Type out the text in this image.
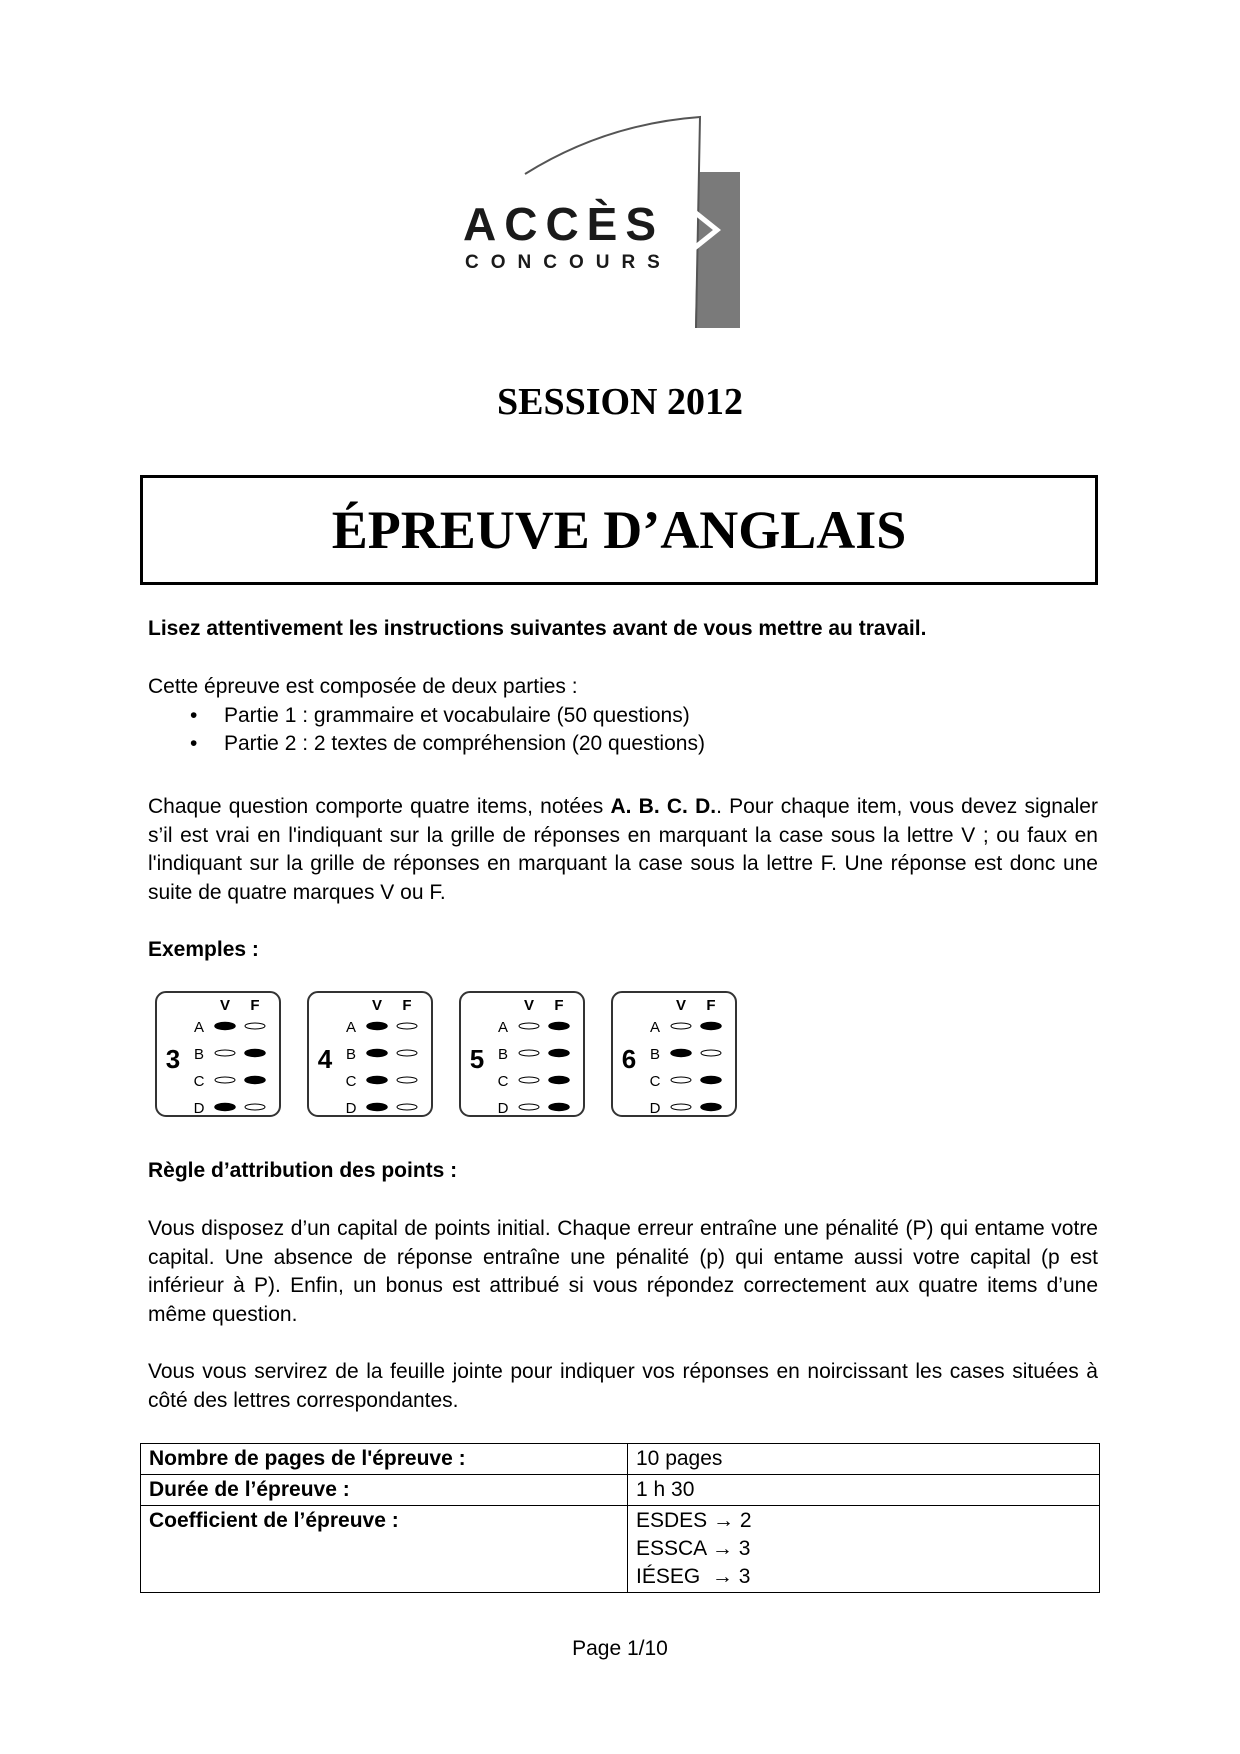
ACCÈS
CONCOURS
SESSION 2012
ÉPREUVE D’ANGLAIS
Lisez attentivement les instructions suivantes avant de vous mettre au travail.
Cette épreuve est composée de deux parties :
• Partie 1 : grammaire et vocabulaire (50 questions)
• Partie 2 : 2 textes de compréhension (20 questions)
Chaque question comporte quatre items, notées A. B. C. D.. Pour chaque item, vous devez signaler s’il est vrai en l'indiquant sur la grille de réponses en marquant la case sous la lettre V ; ou faux en l'indiquant sur la grille de réponses en marquant la case sous la lettre F. Une réponse est donc une suite de quatre marques V ou F.
Exemples :
3
V F
A
B
C
D
4
V F
A
B
C
D
5
V F
A
B
C
D
6
V F
A
B
C
D
Règle d’attribution des points :
Vous disposez d’un capital de points initial. Chaque erreur entraîne une pénalité (P) qui entame votre capital. Une absence de réponse entraîne une pénalité (p) qui entame aussi votre capital (p est inférieur à P). Enfin, un bonus est attribué si vous répondez correctement aux quatre items d’une même question.
Vous vous servirez de la feuille jointe pour indiquer vos réponses en noircissant les cases situées à côté des lettres correspondantes.
Nombre de pages de l'épreuve :	10 pages
Durée de l’épreuve :	1 h 30
Coefficient de l’épreuve :	ESDES → 2
ESSCA → 3
IÉSEG  → 3
Page 1/10
